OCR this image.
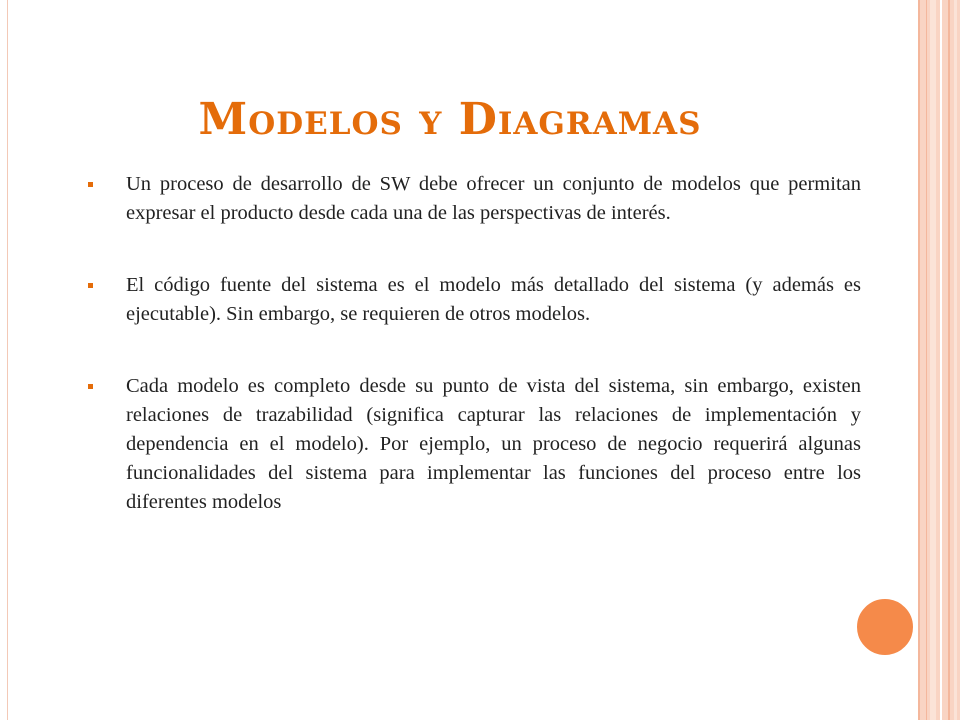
Modelos y Diagramas
Un proceso de desarrollo de SW debe ofrecer un conjunto de modelos que permitan expresar el producto desde cada una de las perspectivas de interés.
El código fuente del sistema es el modelo más detallado del sistema (y además es ejecutable). Sin embargo, se requieren de otros modelos.
Cada modelo es completo desde su punto de vista del sistema, sin embargo, existen relaciones de trazabilidad (significa capturar las relaciones de implementación y dependencia en el modelo). Por ejemplo, un proceso de negocio requerirá algunas funcionalidades del sistema para implementar las funciones del proceso entre los diferentes modelos
